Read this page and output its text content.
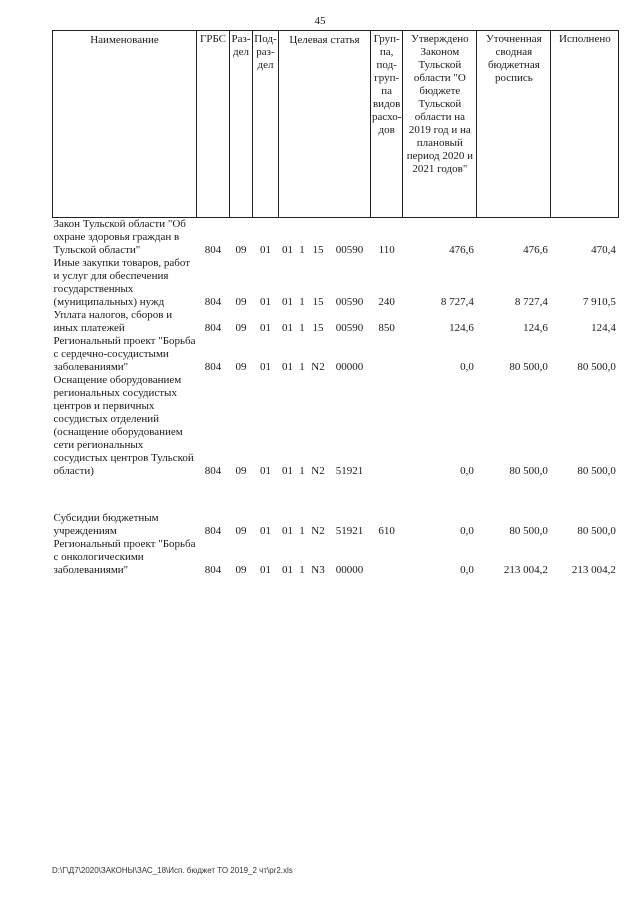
45
Наименование	ГРБС	Раз-дел	Под-раз-дел	Целевая статья				Груп-па, под-груп-па видов расхо-дов	Утверждено Законом Тульской области "О бюджете Тульской области на 2019 год и на плановый период 2020 и 2021 годов"	Уточненная сводная бюджетная роспись	Исполнено
Закон Тульской области "Об охране здоровья граждан в Тульской области"	804	09	01	01	1	15	00590	110	476,6	476,6	470,4
Иные закупки товаров, работ и услуг для обеспечения государственных (муниципальных) нужд	804	09	01	01	1	15	00590	240	8 727,4	8 727,4	7 910,5
Уплата налогов, сборов и иных платежей	804	09	01	01	1	15	00590	850	124,6	124,6	124,4
Региональный проект "Борьба с сердечно-сосудистыми заболеваниями"	804	09	01	01	1	N2	00000		0,0	80 500,0	80 500,0
Оснащение оборудованием региональных сосудистых центров и первичных сосудистых отделений (оснащение оборудованием сети региональных сосудистых центров Тульской области)	804	09	01	01	1	N2	51921		0,0	80 500,0	80 500,0

Субсидии бюджетным учреждениям	804	09	01	01	1	N2	51921	610	0,0	80 500,0	80 500,0
Региональный проект "Борьба с онкологическими заболеваниями"	804	09	01	01	1	N3	00000		0,0	213 004,2	213 004,2
D:\Г\Д7\2020\ЗАКОНЫ\ЗАС_18\Исп. бюджет ТО 2019_2 чт\pr2.xls
